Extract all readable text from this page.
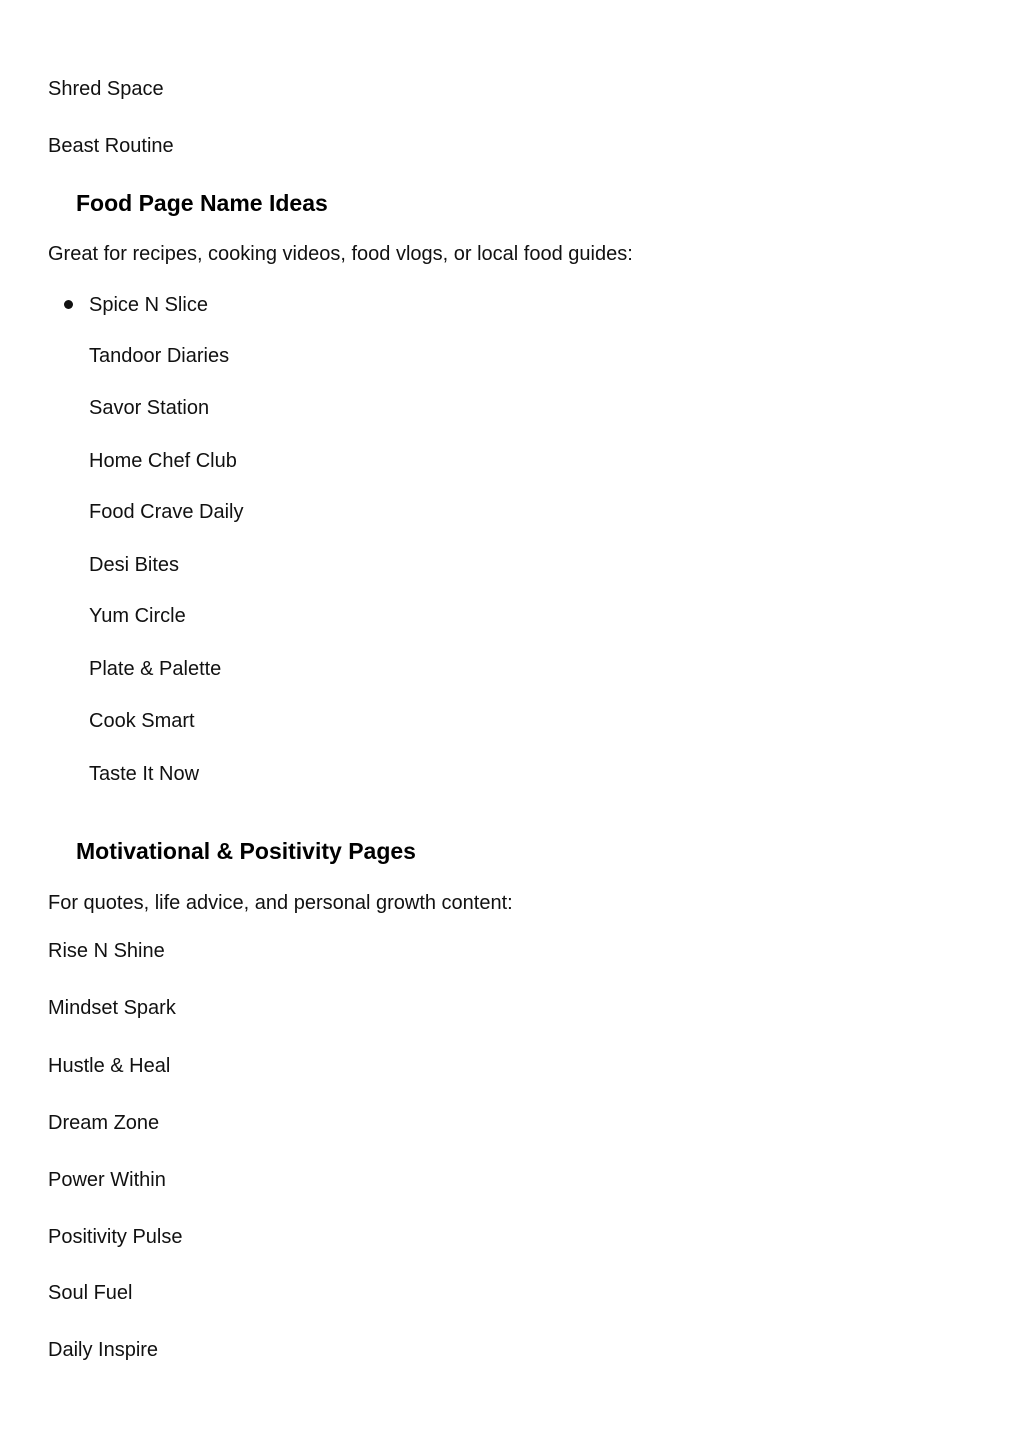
Shred Space
Beast Routine
Food Page Name Ideas
Great for recipes, cooking videos, food vlogs, or local food guides:
Spice N Slice
Tandoor Diaries
Savor Station
Home Chef Club
Food Crave Daily
Desi Bites
Yum Circle
Plate & Palette
Cook Smart
Taste It Now
Motivational & Positivity Pages
For quotes, life advice, and personal growth content:
Rise N Shine
Mindset Spark
Hustle & Heal
Dream Zone
Power Within
Positivity Pulse
Soul Fuel
Daily Inspire
